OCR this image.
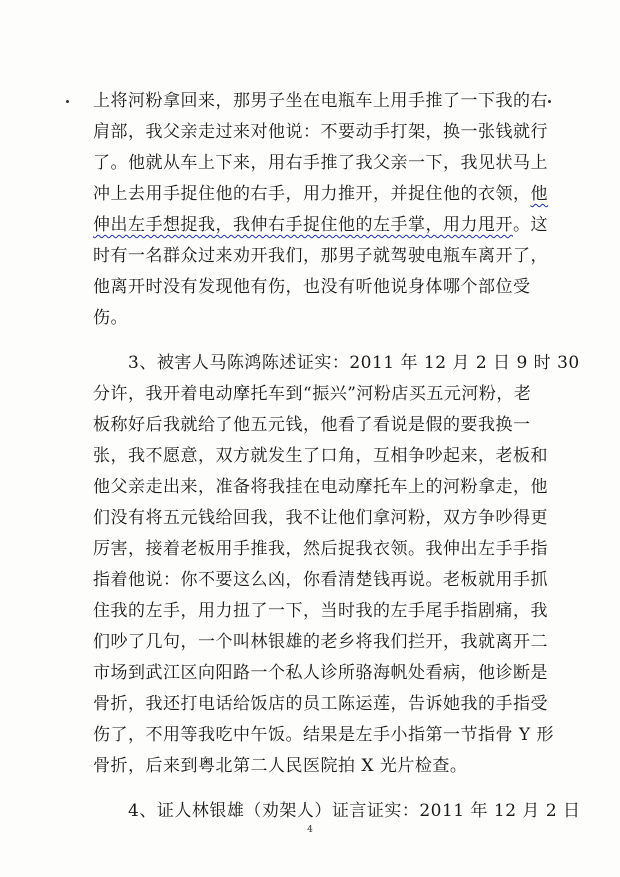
上将河粉拿回来，那男子坐在电瓶车上用手推了一下我的右
肩部，我父亲走过来对他说：不要动手打架，换一张钱就行
了。他就从车上下来，用右手推了我父亲一下，我见状马上
冲上去用手捉住他的右手，用力推开，并捉住他的衣领，他
伸出左手想捉我，我伸右手捉住他的左手掌，用力甩开。这
时有一名群众过来劝开我们，那男子就驾驶电瓶车离开了，
他离开时没有发现他有伤，也没有听他说身体哪个部位受
伤。
3、被害人马陈鸿陈述证实：2011 年 12 月 2 日 9 时 30
分许，我开着电动摩托车到“振兴”河粉店买五元河粉，老
板称好后我就给了他五元钱，他看了看说是假的要我换一
张，我不愿意，双方就发生了口角，互相争吵起来，老板和
他父亲走出来，准备将我挂在电动摩托车上的河粉拿走，他
们没有将五元钱给回我，我不让他们拿河粉，双方争吵得更
厉害，接着老板用手推我，然后捉我衣领。我伸出左手手指
指着他说：你不要这么凶，你看清楚钱再说。老板就用手抓
住我的左手，用力扭了一下，当时我的左手尾手指剧痛，我
们吵了几句，一个叫林银雄的老乡将我们拦开，我就离开二
市场到武江区向阳路一个私人诊所骆海帆处看病，他诊断是
骨折，我还打电话给饭店的员工陈运莲，告诉她我的手指受
伤了，不用等我吃中午饭。结果是左手小指第一节指骨 Y 形
骨折，后来到粤北第二人民医院拍 X 光片检查。
4、证人林银雄（劝架人）证言证实：2011 年 12 月 2 日
4
